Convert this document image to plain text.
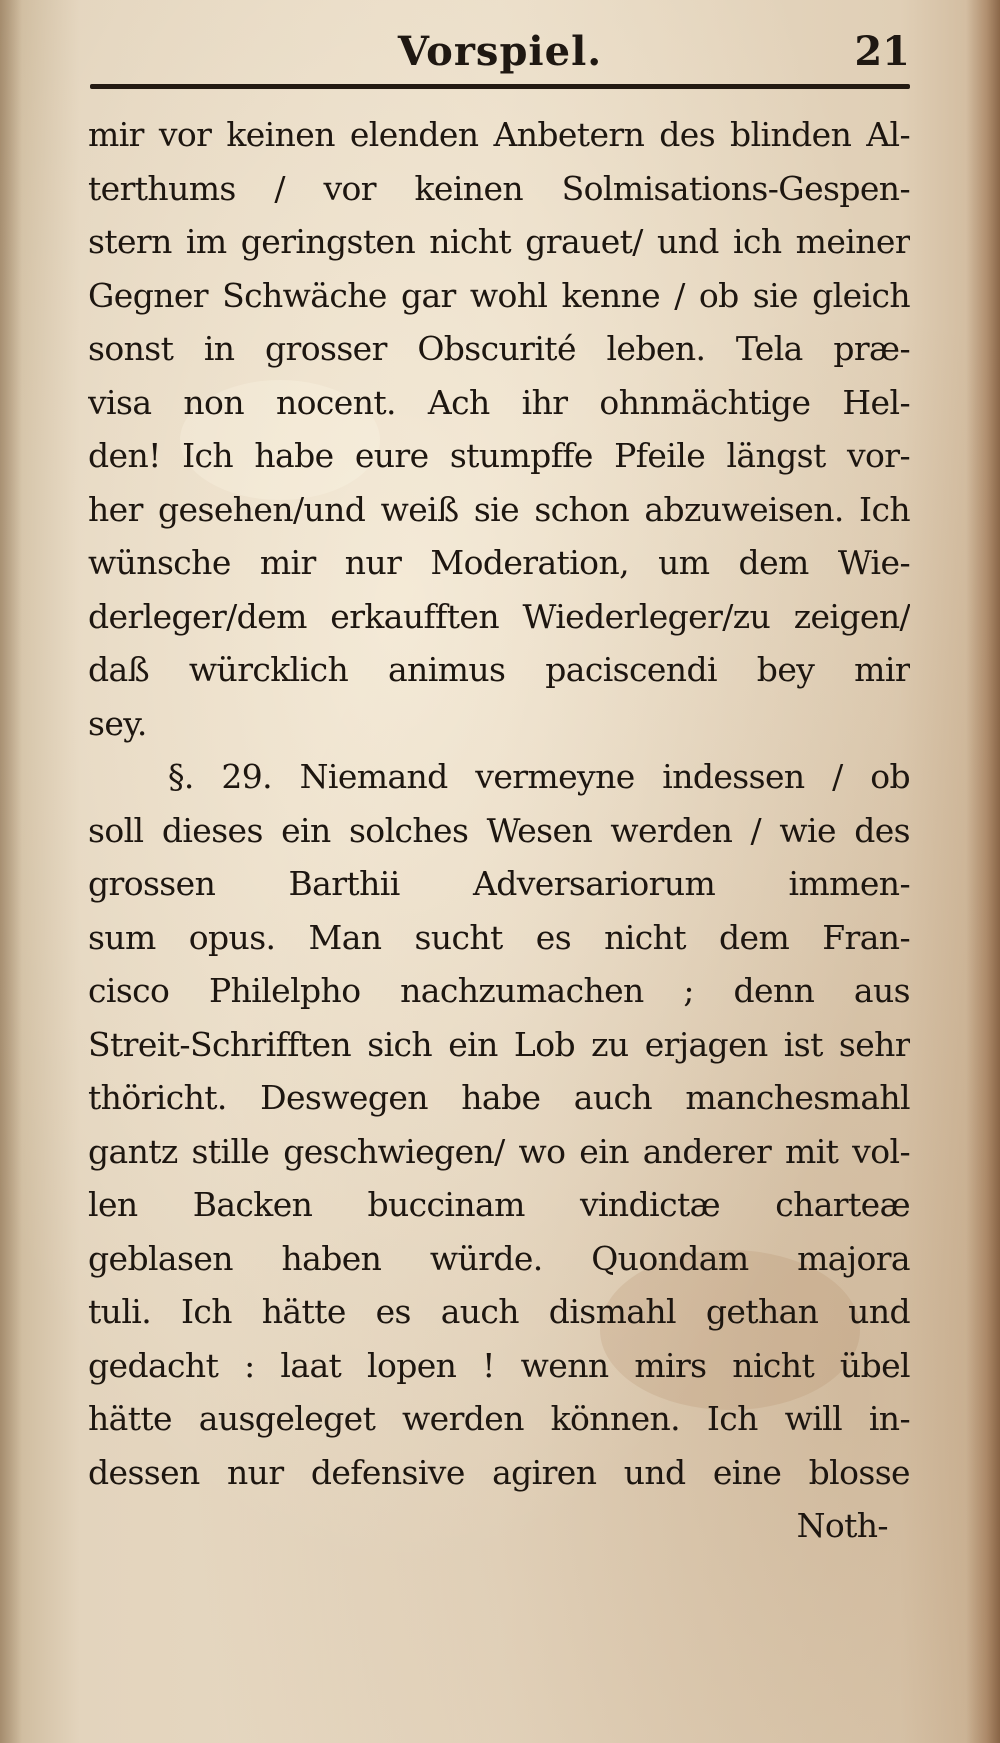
Vorspiel.	21
mir vor keinen elenden Anbetern des blinden Al-
terthums / vor keinen Solmisations-Gespen-
stern im geringsten nicht grauet/ und ich meiner
Gegner Schwäche gar wohl kenne / ob sie gleich
sonst in grosser Obscurité leben. Tela præ-
visa non nocent. Ach ihr ohnmächtige Hel-
den! Ich habe eure stumpffe Pfeile längst vor-
her gesehen/und weiß sie schon abzuweisen. Ich
wünsche mir nur Moderation, um dem Wie-
derleger/dem erkaufften Wiederleger/zu zeigen/
daß würcklich animus paciscendi bey mir
sey.
§. 29. Niemand vermeyne indessen / ob
soll dieses ein solches Wesen werden / wie des
grossen Barthii Adversariorum immen-
sum opus. Man sucht es nicht dem Fran-
cisco Philelpho nachzumachen ; denn aus
Streit-Schrifften sich ein Lob zu erjagen ist sehr
thöricht. Deswegen habe auch manchesmahl
gantz stille geschwiegen/ wo ein anderer mit vol-
len Backen buccinam vindictæ charteæ
geblasen haben würde. Quondam majora
tuli. Ich hätte es auch dismahl gethan und
gedacht : laat lopen ! wenn mirs nicht übel
hätte ausgeleget werden können. Ich will in-
dessen nur defensive agiren und eine blosse
Noth-
